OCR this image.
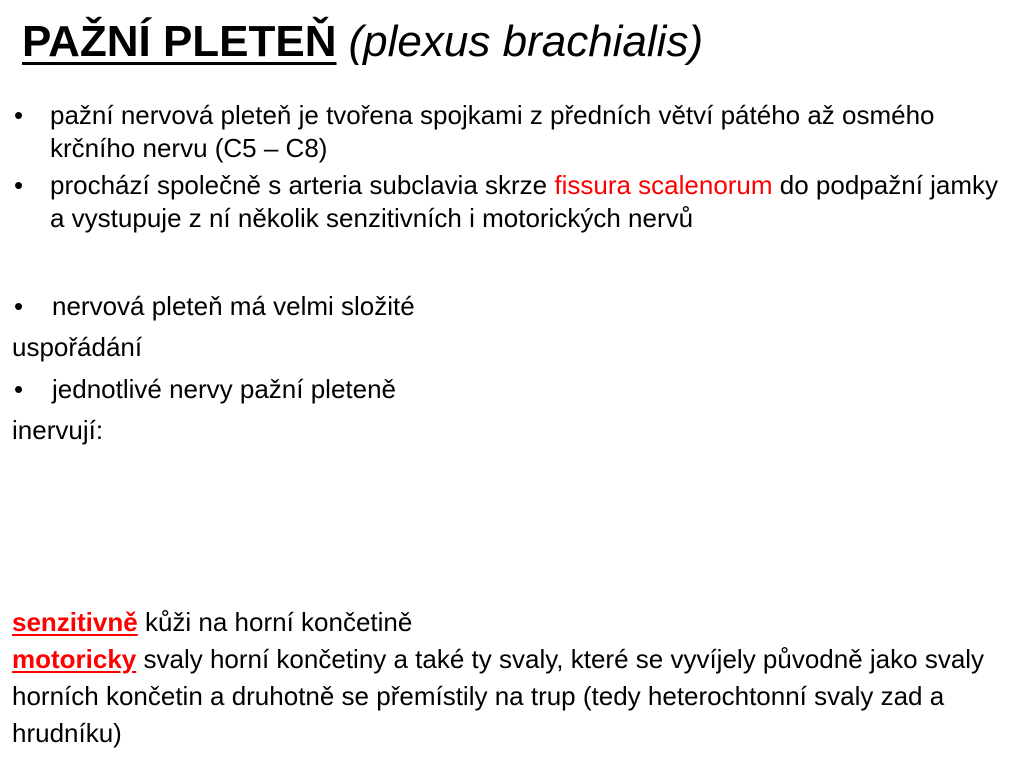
PAŽNÍ PLETEŇ (plexus brachialis)
• pažní nervová pleteň je tvořena spojkami z předních větví pátého až osmého krčního nervu (C5 – C8)
• prochází společně s arteria subclavia skrze fissura scalenorum do podpažní jamky a vystupuje z ní několik senzitivních i motorických nervů
• nervová pleteň má velmi složité
uspořádání
• jednotlivé nervy pažní pleteně
inervují:
senzitivně kůži na horní končetině
motoricky svaly horní končetiny a také ty svaly, které se vyvíjely původně jako svaly horních končetin a druhotně se přemístily na trup (tedy heterochtonní svaly zad a hrudníku)
